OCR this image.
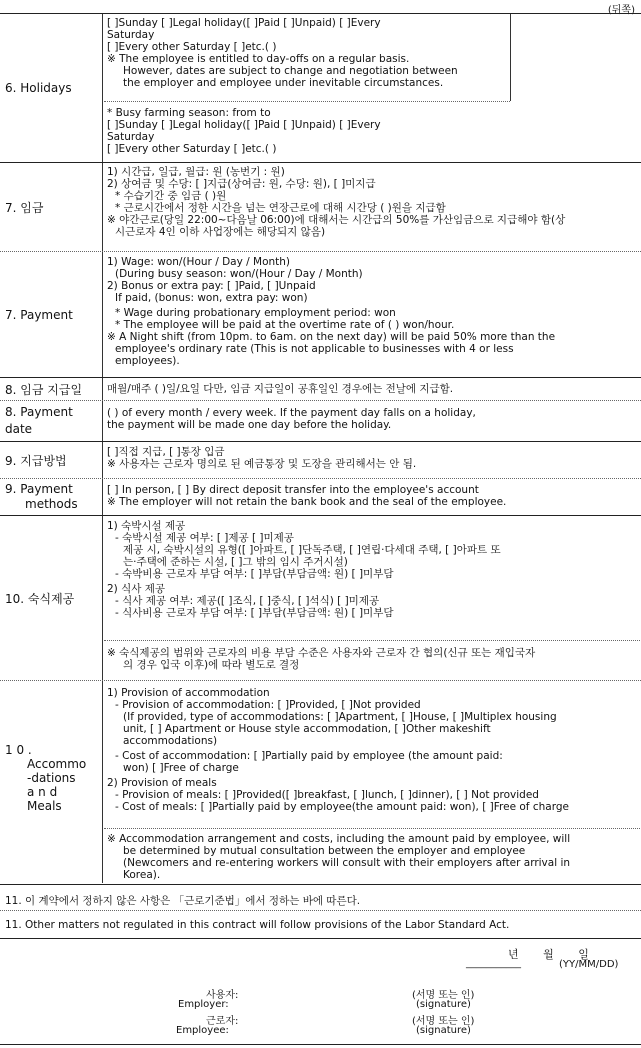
(뒤쪽)
6. Holidays
[ ]Sunday [ ]Legal holiday([ ]Paid [ ]Unpaid) [ ]Every
Saturday
[ ]Every other Saturday [ ]etc.( )
※ The employee is entitled to day-offs on a regular basis.
However, dates are subject to change and negotiation between
the employer and employee under inevitable circumstances.
* Busy farming season: from to
[ ]Sunday [ ]Legal holiday([ ]Paid [ ]Unpaid) [ ]Every
Saturday
[ ]Every other Saturday [ ]etc.( )
7. 임금
1) 시간급, 일급, 월급: 원 (농번기 : 원)
2) 상여금 및 수당: [ ]지급(상여금: 원, 수당: 원), [ ]미지급
* 수습기간 중 임금 ( )원
* 근로시간에서 정한 시간을 넘는 연장근로에 대해 시간당 ( )원을 지급함
※ 야간근로(당일 22:00~다음날 06:00)에 대해서는 시간급의 50%를 가산임금으로 지급해야 함(상
시근로자 4인 이하 사업장에는 해당되지 않음)
7. Payment
1) Wage: won/(Hour / Day / Month)
(During busy season: won/(Hour / Day / Month)
2) Bonus or extra pay: [ ]Paid, [ ]Unpaid
If paid, (bonus: won, extra pay: won)
* Wage during probationary employment period: won
* The employee will be paid at the overtime rate of ( ) won/hour.
※ A Night shift (from 10pm. to 6am. on the next day) will be paid 50% more than the
employee's ordinary rate (This is not applicable to businesses with 4 or less
employees).
8. 임금 지급일	매월/매주 ( )일/요일 다만, 임금 지급일이 공휴일인 경우에는 전날에 지급함.
8. Payment
date
( ) of every month / every week. If the payment day falls on a holiday,
the payment will be made one day before the holiday.
9. 지급방법
[ ]직접 지급, [ ]통장 입금
※ 사용자는 근로자 명의로 된 예금통장 및 도장을 관리해서는 안 됨.
9. Payment
methods
[ ] In person, [ ] By direct deposit transfer into the employee's account
※ The employer will not retain the bank book and the seal of the employee.
10. 숙식제공
1) 숙박시설 제공
- 숙박시설 제공 여부: [ ]제공 [ ]미제공
제공 시, 숙박시설의 유형([ ]아파트, [ ]단독주택, [ ]연립·다세대 주택, [ ]아파트 또
는·주택에 준하는 시설, [ ]그 밖의 임시 주거시설)
- 숙박비용 근로자 부담 여부: [ ]부담(부담금액: 원) [ ]미부담
2) 식사 제공
- 식사 제공 여부: 제공([ ]조식, [ ]중식, [ ]석식) [ ]미제공
- 식사비용 근로자 부담 여부: [ ]부담(부담금액: 원) [ ]미부담
※ 숙식제공의 범위와 근로자의 비용 부담 수준은 사용자와 근로자 간 협의(신규 또는 재입국자
의 경우 입국 이후)에 따라 별도로 결정
1 0 .
Accommo
-dations
a n d
Meals
1) Provision of accommodation
- Provision of accommodation: [ ]Provided, [ ]Not provided
(If provided, type of accommodations: [ ]Apartment, [ ]House, [ ]Multiplex housing
unit, [ ] Apartment or House style accommodation, [ ]Other makeshift
accommodations)
- Cost of accommodation: [ ]Partially paid by employee (the amount paid:
won) [ ]Free of charge
2) Provision of meals
- Provision of meals: [ ]Provided([ ]breakfast, [ ]lunch, [ ]dinner), [ ] Not provided
- Cost of meals: [ ]Partially paid by employee(the amount paid: won), [ ]Free of charge
※ Accommodation arrangement and costs, including the amount paid by employee, will
be determined by mutual consultation between the employer and employee
(Newcomers and re-entering workers will consult with their employers after arrival in
Korea).
11. 이 계약에서 정하지 않은 사항은 「근로기준법」에서 정하는 바에 따른다.
11. Other matters not regulated in this contract will follow provisions of the Labor Standard Act.
년       월       일
___________	(YY/MM/DD)
사용자:
Employer:
근로자:
Employee:
(서명 또는 인)
(signature)
(서명 또는 인)
(signature)
